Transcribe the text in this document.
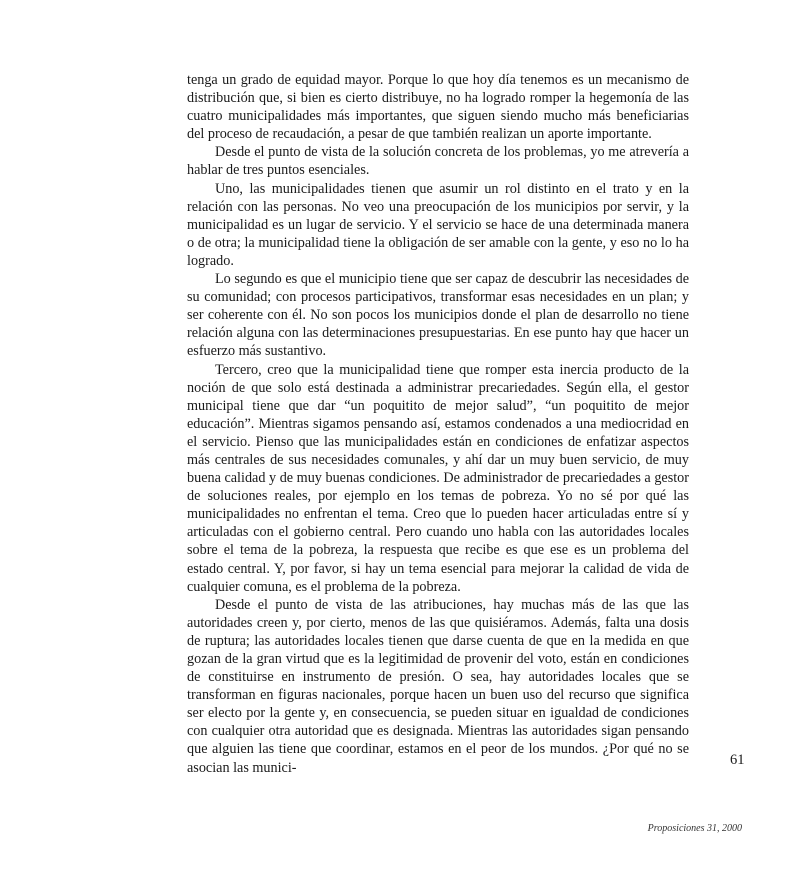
tenga un grado de equidad mayor. Porque lo que hoy día tenemos es un mecanismo de distribución que, si bien es cierto distribuye, no ha logrado romper la hegemonía de las cuatro municipalidades más importantes, que siguen siendo mucho más beneficiarias del proceso de recaudación, a pesar de que también realizan un aporte importante.

Desde el punto de vista de la solución concreta de los problemas, yo me atrevería a hablar de tres puntos esenciales.

Uno, las municipalidades tienen que asumir un rol distinto en el trato y en la relación con las personas. No veo una preocupación de los municipios por servir, y la municipalidad es un lugar de servicio. Y el servicio se hace de una determinada manera o de otra; la municipalidad tiene la obligación de ser amable con la gente, y eso no lo ha logrado.

Lo segundo es que el municipio tiene que ser capaz de descubrir las necesidades de su comunidad; con procesos participativos, transformar esas necesidades en un plan; y ser coherente con él. No son pocos los municipios donde el plan de desarrollo no tiene relación alguna con las determinaciones presupuestarias. En ese punto hay que hacer un esfuerzo más sustantivo.

Tercero, creo que la municipalidad tiene que romper esta inercia producto de la noción de que solo está destinada a administrar precariedades. Según ella, el gestor municipal tiene que dar “un poquitito de mejor salud”, “un poquitito de mejor educación”. Mientras sigamos pensando así, estamos condenados a una mediocridad en el servicio. Pienso que las municipalidades están en condiciones de enfatizar aspectos más centrales de sus necesidades comunales, y ahí dar un muy buen servicio, de muy buena calidad y de muy buenas condiciones. De administrador de precariedades a gestor de soluciones reales, por ejemplo en los temas de pobreza. Yo no sé por qué las municipalidades no enfrentan el tema. Creo que lo pueden hacer articuladas entre sí y articuladas con el gobierno central. Pero cuando uno habla con las autoridades locales sobre el tema de la pobreza, la respuesta que recibe es que ese es un problema del estado central. Y, por favor, si hay un tema esencial para mejorar la calidad de vida de cualquier comuna, es el problema de la pobreza.

Desde el punto de vista de las atribuciones, hay muchas más de las que las autoridades creen y, por cierto, menos de las que quisiéramos. Además, falta una dosis de ruptura; las autoridades locales tienen que darse cuenta de que en la medida en que gozan de la gran virtud que es la legitimidad de provenir del voto, están en condiciones de constituirse en instrumento de presión. O sea, hay autoridades locales que se transforman en figuras nacionales, porque hacen un buen uso del recurso que significa ser electo por la gente y, en consecuencia, se pueden situar en igualdad de condiciones con cualquier otra autoridad que es designada. Mientras las autoridades sigan pensando que alguien las tiene que coordinar, estamos en el peor de los mundos. ¿Por qué no se asocian las munici-	61
Proposiciones 31, 2000
